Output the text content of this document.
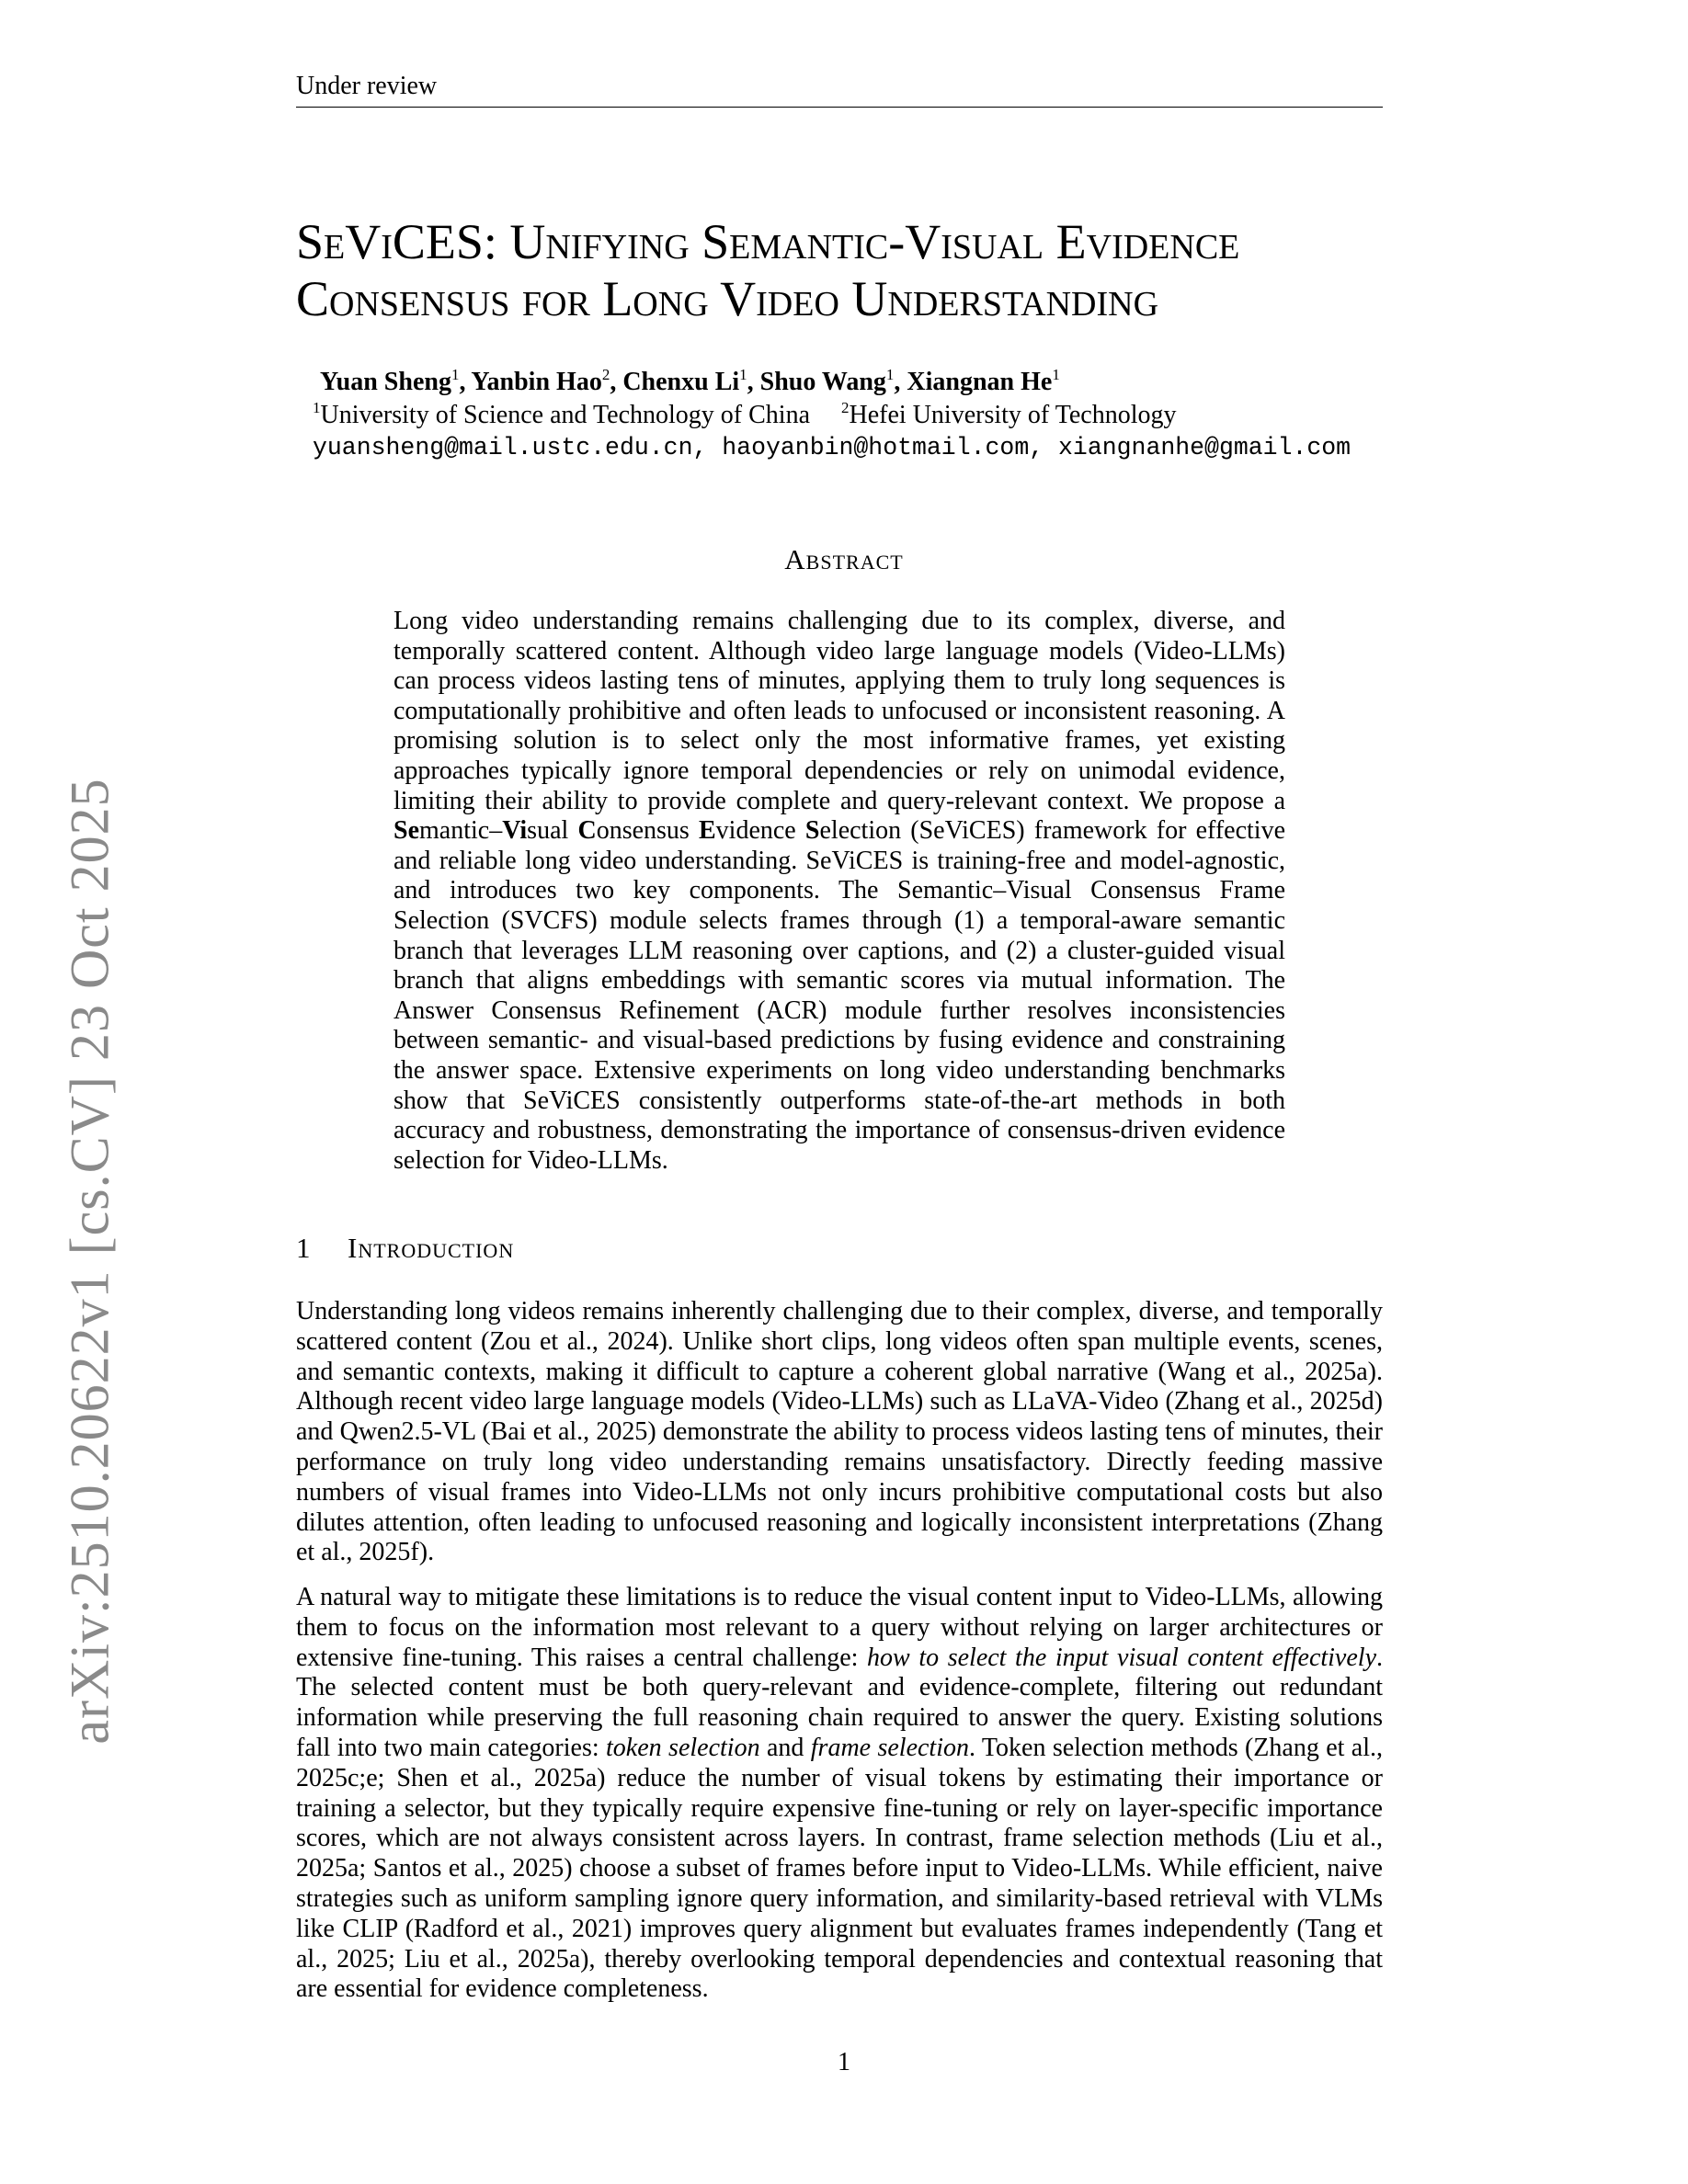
Under review
arXiv:2510.20622v1 [cs.CV] 23 Oct 2025
SeViCES: Unifying Semantic-Visual Evidence
Consensus for Long Video Understanding
Yuan Sheng$^1$, Yanbin Hao$^2$, Chenxu Li$^1$, Shuo Wang$^1$, Xiangnan He$^1$
$^1$University of Science and Technology of China $^2$Hefei University of Technology
yuansheng@mail.ustc.edu.cn, haoyanbin@hotmail.com, xiangnanhe@gmail.com
Abstract
Long video understanding remains challenging due to its complex, diverse, and temporally scattered content. Although video large language models (Video-LLMs) can process videos lasting tens of minutes, applying them to truly long sequences is computationally prohibitive and often leads to unfocused or inconsistent reasoning. A promising solution is to select only the most informative frames, yet existing approaches typically ignore temporal dependencies or rely on unimodal evidence, limiting their ability to provide complete and query-relevant context. We propose a Semantic–Visual Consensus Evidence Selection (SeViCES) framework for effective and reliable long video understanding. SeViCES is training-free and model-agnostic, and introduces two key components. The Semantic–Visual Consensus Frame Selection (SVCFS) module selects frames through (1) a temporal-aware semantic branch that leverages LLM reasoning over captions, and (2) a cluster-guided visual branch that aligns embeddings with semantic scores via mutual information. The Answer Consensus Refinement (ACR) module further resolves inconsistencies between semantic- and visual-based predictions by fusing evidence and constraining the answer space. Extensive experiments on long video understanding benchmarks show that SeViCES consistently outperforms state-of-the-art methods in both accuracy and robustness, demonstrating the importance of consensus-driven evidence selection for Video-LLMs.
1 Introduction
Understanding long videos remains inherently challenging due to their complex, diverse, and temporally scattered content (Zou et al., 2024). Unlike short clips, long videos often span multiple events, scenes, and semantic contexts, making it difficult to capture a coherent global narrative (Wang et al., 2025a). Although recent video large language models (Video-LLMs) such as LLaVA-Video (Zhang et al., 2025d) and Qwen2.5-VL (Bai et al., 2025) demonstrate the ability to process videos lasting tens of minutes, their performance on truly long video understanding remains unsatisfactory. Directly feeding massive numbers of visual frames into Video-LLMs not only incurs prohibitive computational costs but also dilutes attention, often leading to unfocused reasoning and logically inconsistent interpretations (Zhang et al., 2025f).
A natural way to mitigate these limitations is to reduce the visual content input to Video-LLMs, allowing them to focus on the information most relevant to a query without relying on larger architectures or extensive fine-tuning. This raises a central challenge: how to select the input visual content effectively. The selected content must be both query-relevant and evidence-complete, filtering out redundant information while preserving the full reasoning chain required to answer the query. Existing solutions fall into two main categories: token selection and frame selection. Token selection methods (Zhang et al., 2025c;e; Shen et al., 2025a) reduce the number of visual tokens by estimating their importance or training a selector, but they typically require expensive fine-tuning or rely on layer-specific importance scores, which are not always consistent across layers. In contrast, frame selection methods (Liu et al., 2025a; Santos et al., 2025) choose a subset of frames before input to Video-LLMs. While efficient, naive strategies such as uniform sampling ignore query information, and similarity-based retrieval with VLMs like CLIP (Radford et al., 2021) improves query alignment but evaluates frames independently (Tang et al., 2025; Liu et al., 2025a), thereby overlooking temporal dependencies and contextual reasoning that are essential for evidence completeness.
1
